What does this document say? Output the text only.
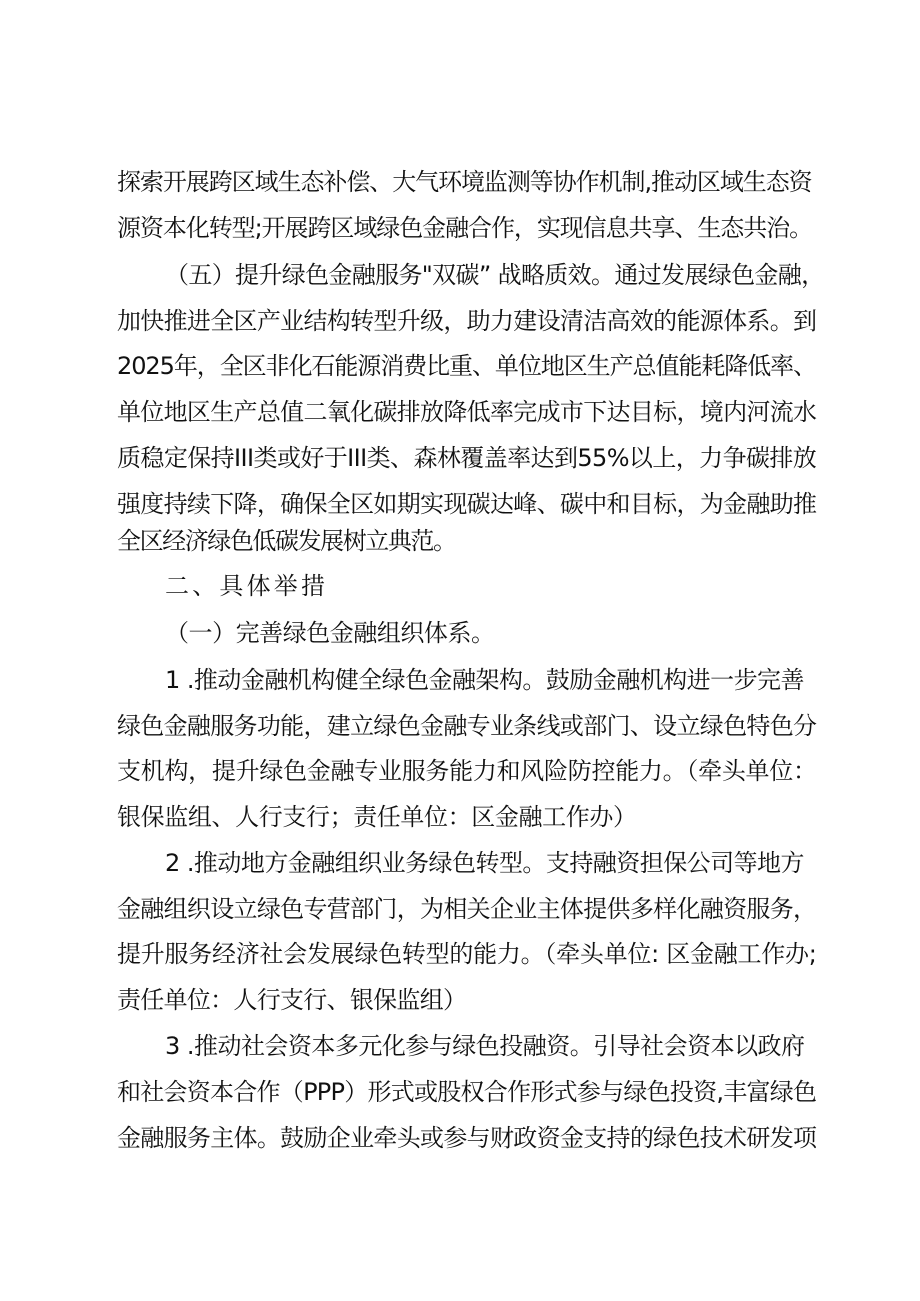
探索开展跨区域生态补偿、大气环境监测等协作机制,推动区域生态资
源资本化转型;开展跨区域绿色金融合作，实现信息共享、生态共治。
（五）提升绿色金融服务"双碳” 战略质效。通过发展绿色金融，
加快推进全区产业结构转型升级，助力建设清洁高效的能源体系。到
2025年，全区非化石能源消费比重、单位地区生产总值能耗降低率、
单位地区生产总值二氧化碳排放降低率完成市下达目标，境内河流水
质稳定保持III类或好于III类、森林覆盖率达到55%以上，力争碳排放
强度持续下降，确保全区如期实现碳达峰、碳中和目标，为金融助推
全区经济绿色低碳发展树立典范。
二、具体举措
（一）完善绿色金融组织体系。
1 .推动金融机构健全绿色金融架构。鼓励金融机构进一步完善
绿色金融服务功能，建立绿色金融专业条线或部门、设立绿色特色分
支机构，提升绿色金融专业服务能力和风险防控能力。（牵头单位：
银保监组、人行支行；责任单位：区金融工作办）
2 .推动地方金融组织业务绿色转型。支持融资担保公司等地方
金融组织设立绿色专营部门，为相关企业主体提供多样化融资服务，
提升服务经济社会发展绿色转型的能力。（牵头单位: 区金融工作办;
责任单位：人行支行、银保监组）
3 .推动社会资本多元化参与绿色投融资。引导社会资本以政府
和社会资本合作（PPP）形式或股权合作形式参与绿色投资,丰富绿色
金融服务主体。鼓励企业牵头或参与财政资金支持的绿色技术研发项
